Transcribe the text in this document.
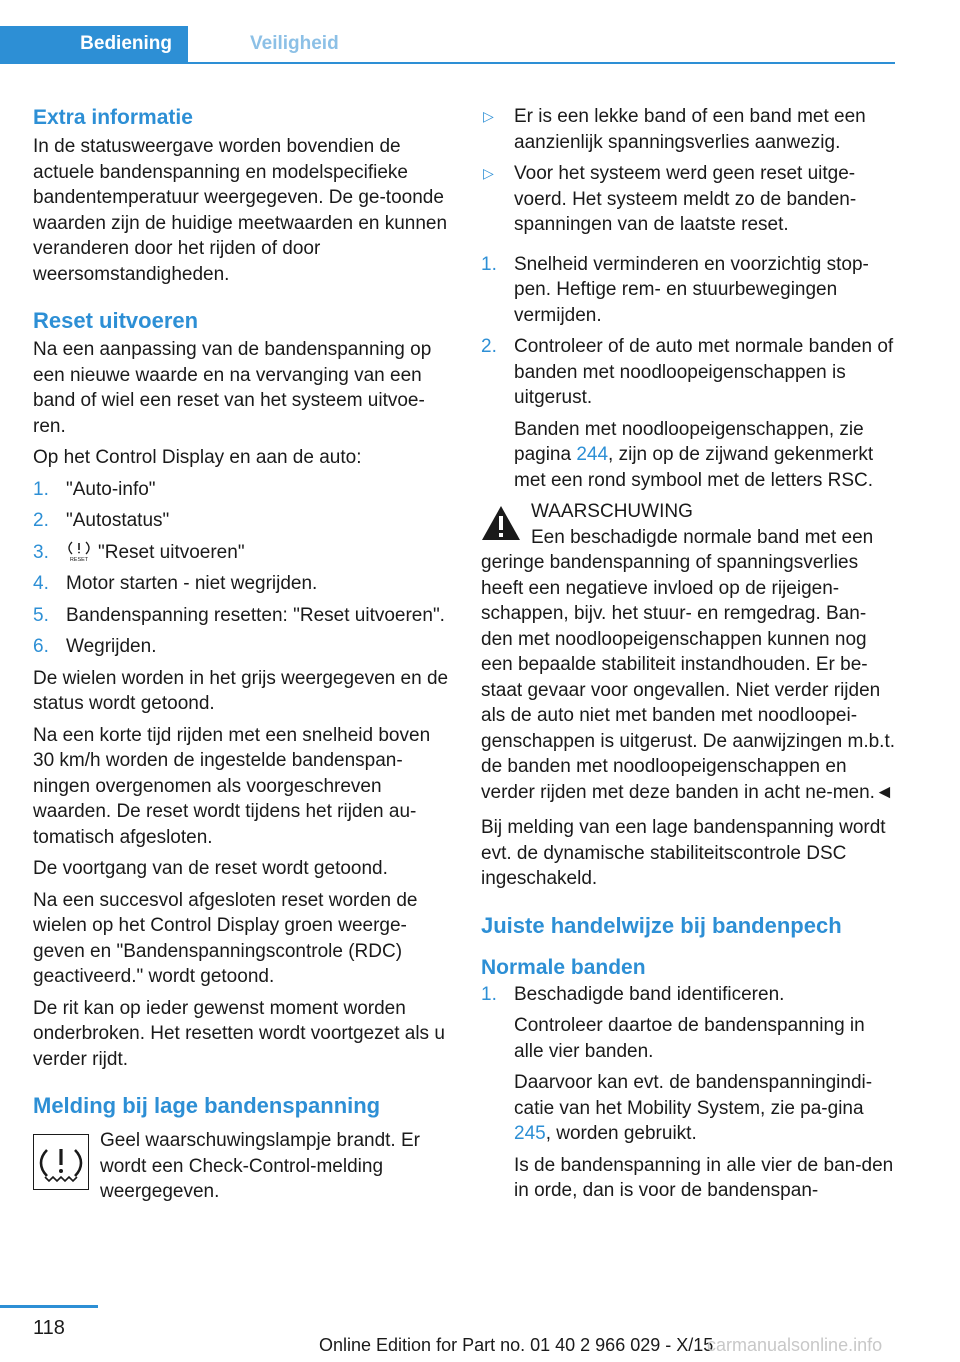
Bediening	Veiligheid
Extra informatie

In de statusweergave worden bovendien de actuele bandenspanning en modelspecifieke bandentemperatuur weergegeven. De ge-toonde waarden zijn de huidige meetwaarden en kunnen veranderen door het rijden of door weersomstandigheden.

Reset uitvoeren

Na een aanpassing van de bandenspanning op een nieuwe waarde en na vervanging van een band of wiel een reset van het systeem uitvoe-ren.

Op het Control Display en aan de auto:

1. "Auto-info"
2. "Autostatus"
3.	RESET "Reset uitvoeren"
4. Motor starten - niet wegrijden.
5. Bandenspanning resetten: "Reset uitvoeren".
6. Wegrijden.

De wielen worden in het grijs weergegeven en de status wordt getoond.

Na een korte tijd rijden met een snelheid boven 30 km/h worden de ingestelde bandenspan-ningen overgenomen als voorgeschreven waarden. De reset wordt tijdens het rijden au-tomatisch afgesloten.

De voortgang van de reset wordt getoond.

Na een succesvol afgesloten reset worden de wielen op het Control Display groen weerge-geven en "Bandenspanningscontrole (RDC) geactiveerd." wordt getoond.

De rit kan op ieder gewenst moment worden onderbroken. Het resetten wordt voortgezet als u verder rijdt.

Melding bij lage bandenspanning
Geel waarschuwingslampje brandt. Er wordt een Check-Control-melding weergegeven.
▷ Er is een lekke band of een band met een aanzienlijk spanningsverlies aanwezig.
▷ Voor het systeem werd geen reset uitge-voerd. Het systeem meldt zo de banden-spanningen van de laatste reset.
1. Snelheid verminderen en voorzichtig stop-pen. Heftige rem- en stuurbewegingen vermijden.
2. Controleer of de auto met normale banden of banden met noodloopeigenschappen is uitgerust.
Banden met noodloopeigenschappen, zie pagina 244, zijn op de zijwand gekenmerkt met een rond symbool met de letters RSC.
WAARSCHUWING
Een beschadigde normale band met een
geringe bandenspanning of spanningsverlies heeft een negatieve invloed op de rijeigen-schappen, bijv. het stuur- en remgedrag. Ban-den met noodloopeigenschappen kunnen nog een bepaalde stabiliteit instandhouden. Er be-staat gevaar voor ongevallen. Niet verder rijden als de auto niet met banden met noodloopei-genschappen is uitgerust. De aanwijzingen m.b.t. de banden met noodloopeigenschappen en verder rijden met deze banden in acht ne-men.◄

Bij melding van een lage bandenspanning wordt evt. de dynamische stabiliteitscontrole DSC ingeschakeld.

Juiste handelwijze bij bandenpech
Normale banden
1. Beschadigde band identificeren.
Controleer daartoe de bandenspanning in alle vier banden.
Daarvoor kan evt. de bandenspanningindi-catie van het Mobility System, zie pa-gina 245, worden gebruikt.
Is de bandenspanning in alle vier de ban-den in orde, dan is voor de bandenspan-
118
Online Edition for Part no. 01 40 2 966 029 - X/15
carmanualsonline.info
